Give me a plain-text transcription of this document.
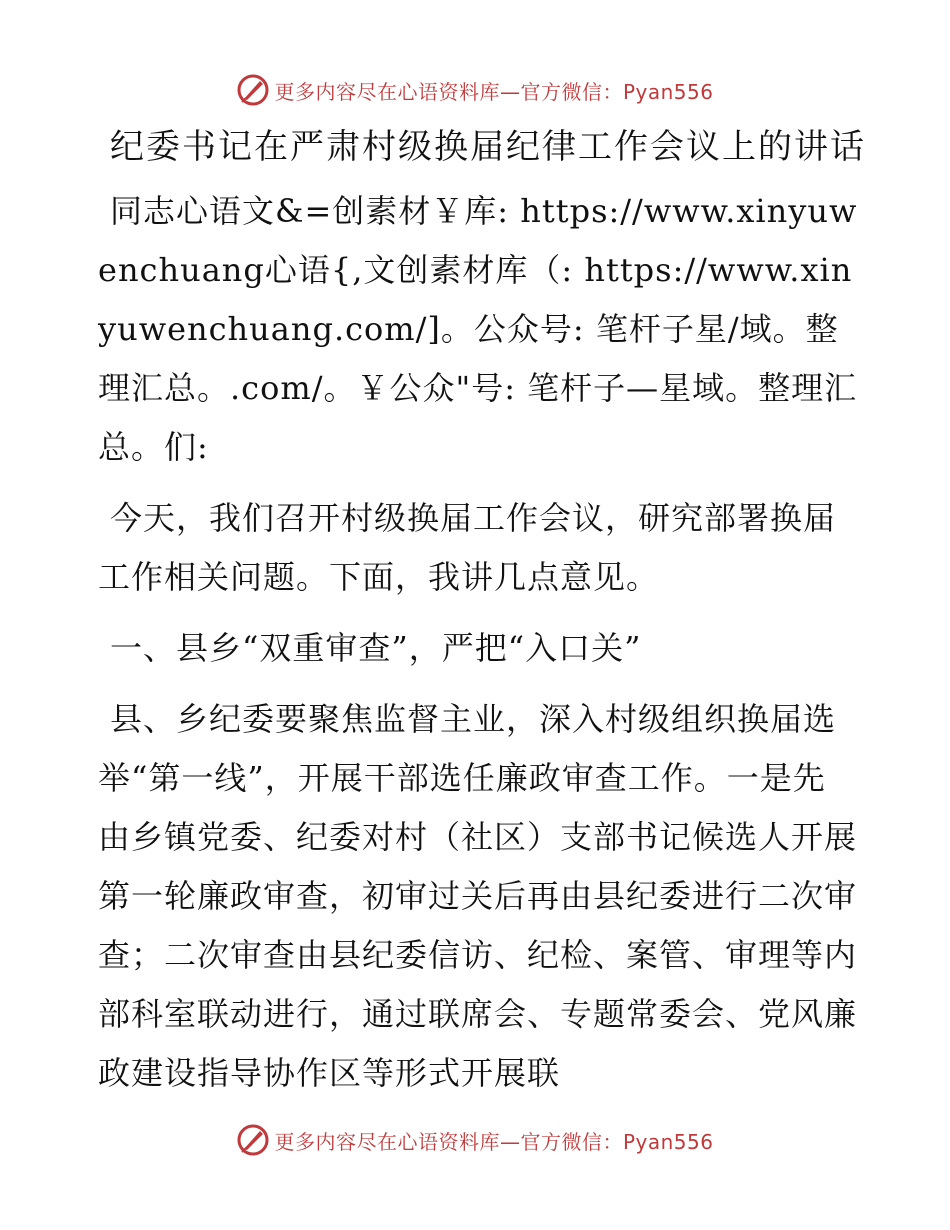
更多内容尽在心语资料库—官方微信：Pyan556
纪委书记在严肃村级换届纪律工作会议上的讲话

同志心语文&=创素材￥库: https://www.xinyuwenchuang心语{,文创素材库（: https://www.xinyuwenchuang.com/]。公众号: 笔杆子星/域。整理汇总。.com/。￥公众"号: 笔杆子—星域。整理汇总。们:

今天，我们召开村级换届工作会议，研究部署换届工作相关问题。下面，我讲几点意见。

一、县乡“双重审查”，严把“入口关”

县、乡纪委要聚焦监督主业，深入村级组织换届选举“第一线”，开展干部选任廉政审查工作。一是先由乡镇党委、纪委对村（社区）支部书记候选人开展第一轮廉政审查，初审过关后再由县纪委进行二次审查；二次审查由县纪委信访、纪检、案管、审理等内部科室联动进行，通过联席会、专题常委会、党风廉政建设指导协作区等形式开展联

更多内容尽在心语资料库—官方微信：Pyan556
